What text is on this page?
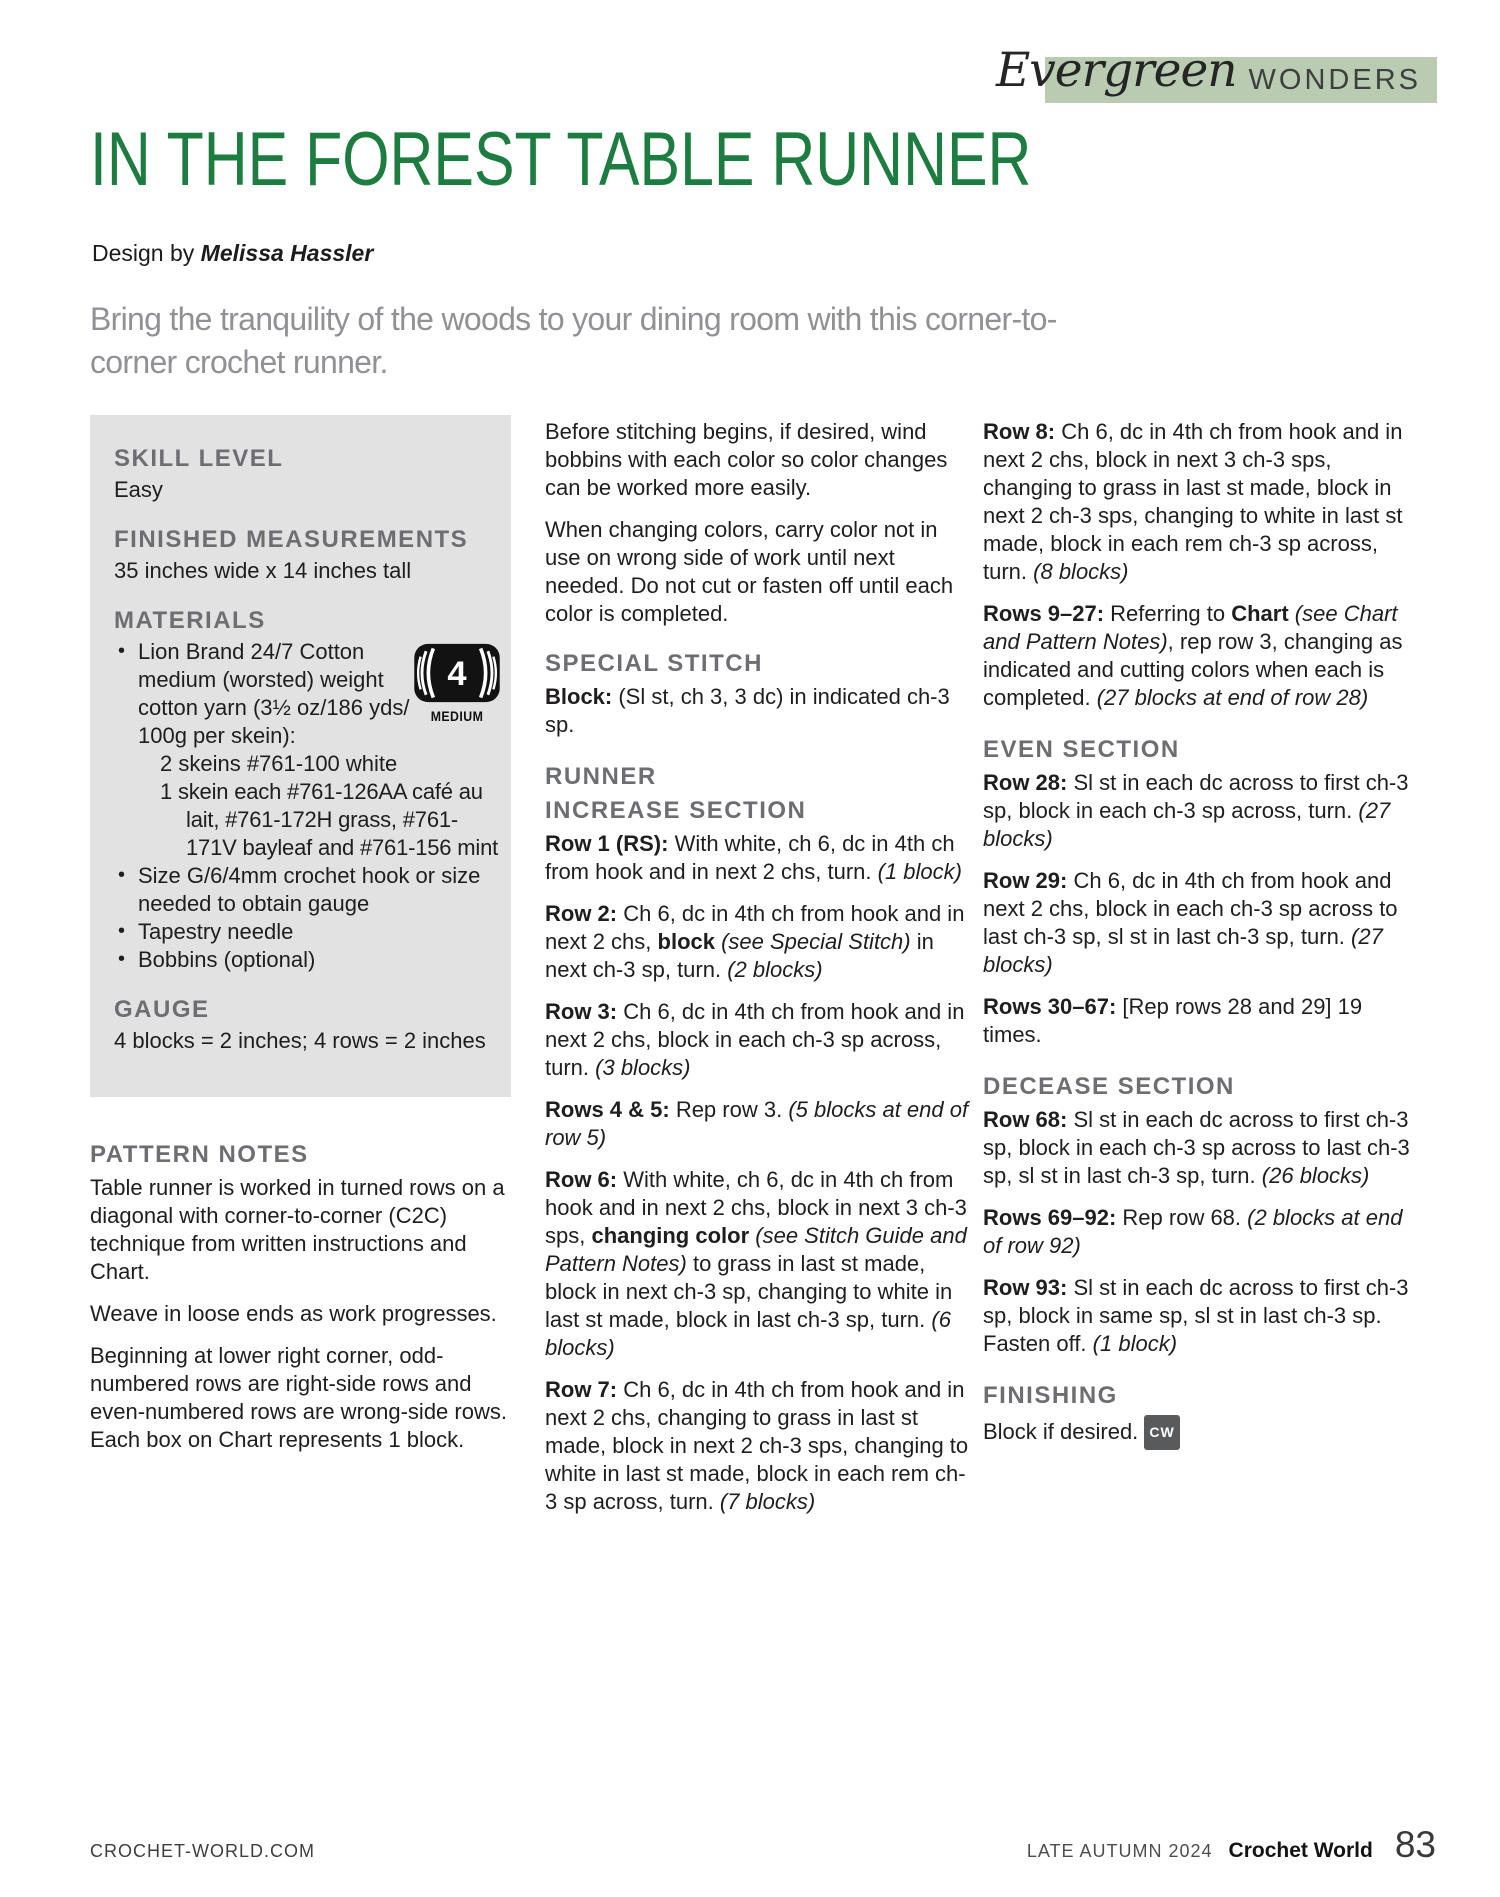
Evergreen WONDERS
IN THE FOREST TABLE RUNNER

Design by Melissa Hassler

Bring the tranquility of the woods to your dining room with this corner-to-
corner crochet runner.

SKILL LEVEL

Easy

FINISHED MEASUREMENTS

35 inches wide x 14 inches tall

MATERIALS
• Lion Brand 24/7 Cotton medium (worsted) weight cotton yarn (3½ oz/186 yds/ 100g per skein):
2 skeins #761-100 white
1 skein each #761-126AA café au lait, #761-172H grass, #761-171V bayleaf and #761-156 mint
• Size G/6/4mm crochet hook or size needed to obtain gauge
• Tapestry needle
• Bobbins (optional)
4
MEDIUM
GAUGE

4 blocks = 2 inches; 4 rows = 2 inches

PATTERN NOTES

Table runner is worked in turned rows on a diagonal with corner-to-corner (C2C) technique from written instructions and Chart.

Weave in loose ends as work progresses.

Beginning at lower right corner, odd-numbered rows are right-side rows and even-numbered rows are wrong-side rows. Each box on Chart represents 1 block.

Before stitching begins, if desired, wind bobbins with each color so color changes can be worked more easily.

When changing colors, carry color not in use on wrong side of work until next needed. Do not cut or fasten off until each color is completed.

SPECIAL STITCH

Block: (Sl st, ch 3, 3 dc) in indicated ch-3 sp.

RUNNER
INCREASE SECTION

Row 1 (RS): With white, ch 6, dc in 4th ch from hook and in next 2 chs, turn. (1 block)

Row 2: Ch 6, dc in 4th ch from hook and in next 2 chs, block (see Special Stitch) in next ch-3 sp, turn. (2 blocks)

Row 3: Ch 6, dc in 4th ch from hook and in next 2 chs, block in each ch-3 sp across, turn. (3 blocks)

Rows 4 & 5: Rep row 3. (5 blocks at end of row 5)

Row 6: With white, ch 6, dc in 4th ch from hook and in next 2 chs, block in next 3 ch-3 sps, changing color (see Stitch Guide and Pattern Notes) to grass in last st made, block in next ch-3 sp, changing to white in last st made, block in last ch-3 sp, turn. (6 blocks)

Row 7: Ch 6, dc in 4th ch from hook and in next 2 chs, changing to grass in last st made, block in next 2 ch-3 sps, changing to white in last st made, block in each rem ch-3 sp across, turn. (7 blocks)

Row 8: Ch 6, dc in 4th ch from hook and in next 2 chs, block in next 3 ch-3 sps, changing to grass in last st made, block in next 2 ch-3 sps, changing to white in last st made, block in each rem ch-3 sp across, turn. (8 blocks)

Rows 9–27: Referring to Chart (see Chart and Pattern Notes), rep row 3, changing as indicated and cutting colors when each is completed. (27 blocks at end of row 28)

EVEN SECTION

Row 28: Sl st in each dc across to first ch-3 sp, block in each ch-3 sp across, turn. (27 blocks)

Row 29: Ch 6, dc in 4th ch from hook and next 2 chs, block in each ch-3 sp across to last ch-3 sp, sl st in last ch-3 sp, turn. (27 blocks)

Rows 30–67: [Rep rows 28 and 29] 19 times.

DECEASE SECTION

Row 68: Sl st in each dc across to first ch-3 sp, block in each ch-3 sp across to last ch-3 sp, sl st in last ch-3 sp, turn. (26 blocks)

Rows 69–92: Rep row 68. (2 blocks at end of row 92)

Row 93: Sl st in each dc across to first ch-3 sp, block in same sp, sl st in last ch-3 sp. Fasten off. (1 block)

FINISHING

Block if desired. CW

CROCHET-WORLD.COM	LATE AUTUMN 2024 Crochet World 83
